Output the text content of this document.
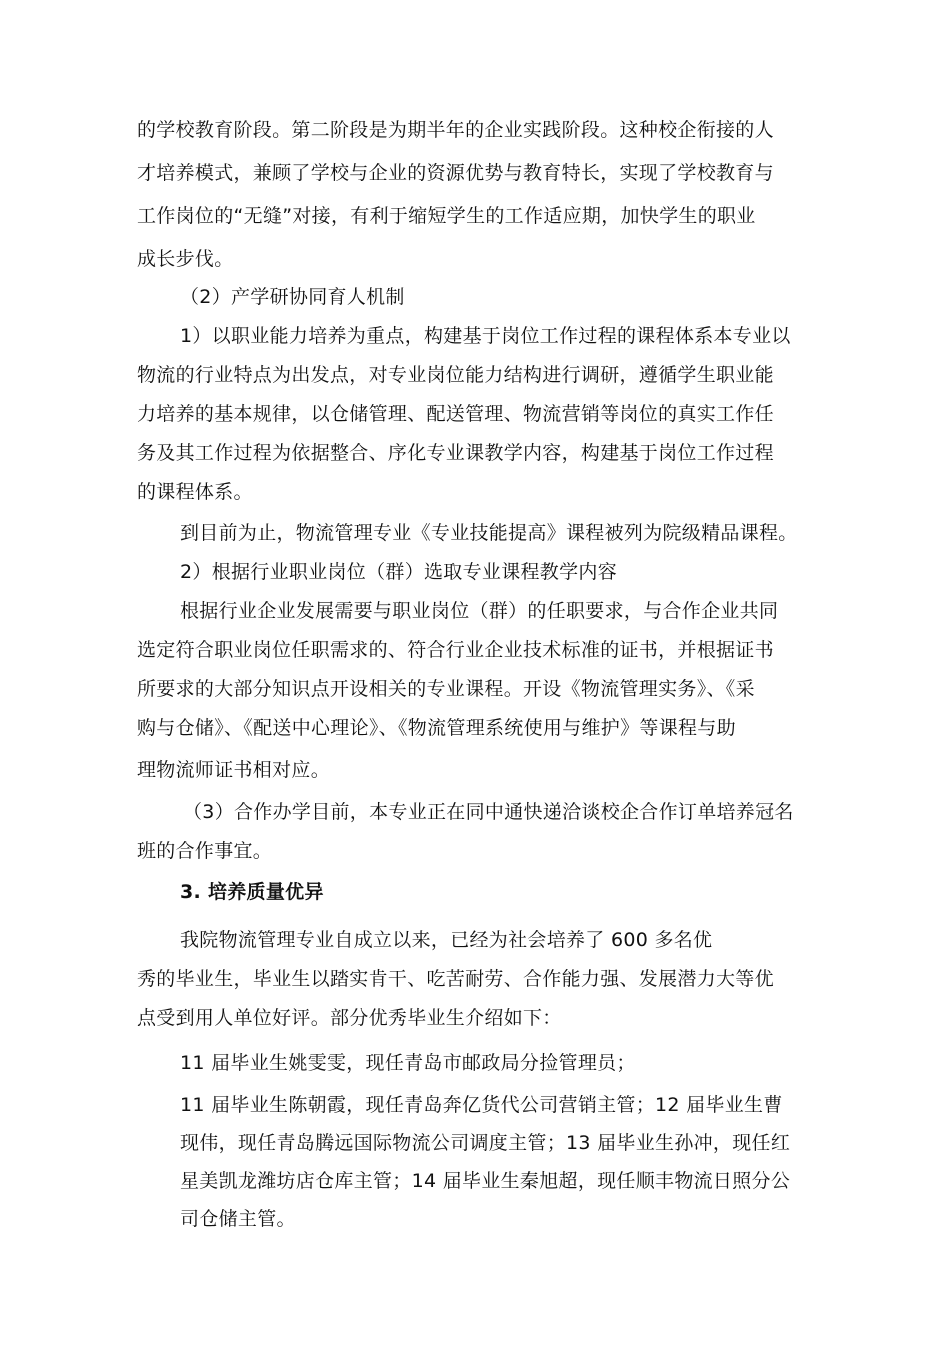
的学校教育阶段。第二阶段是为期半年的企业实践阶段。这种校企衔接的人

才培养模式，兼顾了学校与企业的资源优势与教育特长，实现了学校教育与

工作岗位的“无缝”对接，有利于缩短学生的工作适应期，加快学生的职业

成长步伐。

（2）产学研协同育人机制

1）以职业能力培养为重点，构建基于岗位工作过程的课程体系本专业以

物流的行业特点为出发点，对专业岗位能力结构进行调研，遵循学生职业能

力培养的基本规律，以仓储管理、配送管理、物流营销等岗位的真实工作任

务及其工作过程为依据整合、序化专业课教学内容，构建基于岗位工作过程

的课程体系。

到目前为止，物流管理专业《专业技能提高》课程被列为院级精品课程。

2）根据行业职业岗位（群）选取专业课程教学内容

根据行业企业发展需要与职业岗位（群）的任职要求，与合作企业共同

选定符合职业岗位任职需求的、符合行业企业技术标准的证书，并根据证书

所要求的大部分知识点开设相关的专业课程。开设《物流管理实务》、《采

购与仓储》、《配送中心理论》、《物流管理系统使用与维护》等课程与助

理物流师证书相对应。

（3）合作办学目前，本专业正在同中通快递洽谈校企合作订单培养冠名

班的合作事宜。

3. 培养质量优异

我院物流管理专业自成立以来，已经为社会培养了 600 多名优

秀的毕业生，毕业生以踏实肯干、吃苦耐劳、合作能力强、发展潜力大等优

点受到用人单位好评。部分优秀毕业生介绍如下：

11 届毕业生姚雯雯，现任青岛市邮政局分捡管理员；

11 届毕业生陈朝霞，现任青岛奔亿货代公司营销主管；12 届毕业生曹

现伟，现任青岛腾远国际物流公司调度主管；13 届毕业生孙冲，现任红

星美凯龙潍坊店仓库主管；14 届毕业生秦旭超，现任顺丰物流日照分公

司仓储主管。
